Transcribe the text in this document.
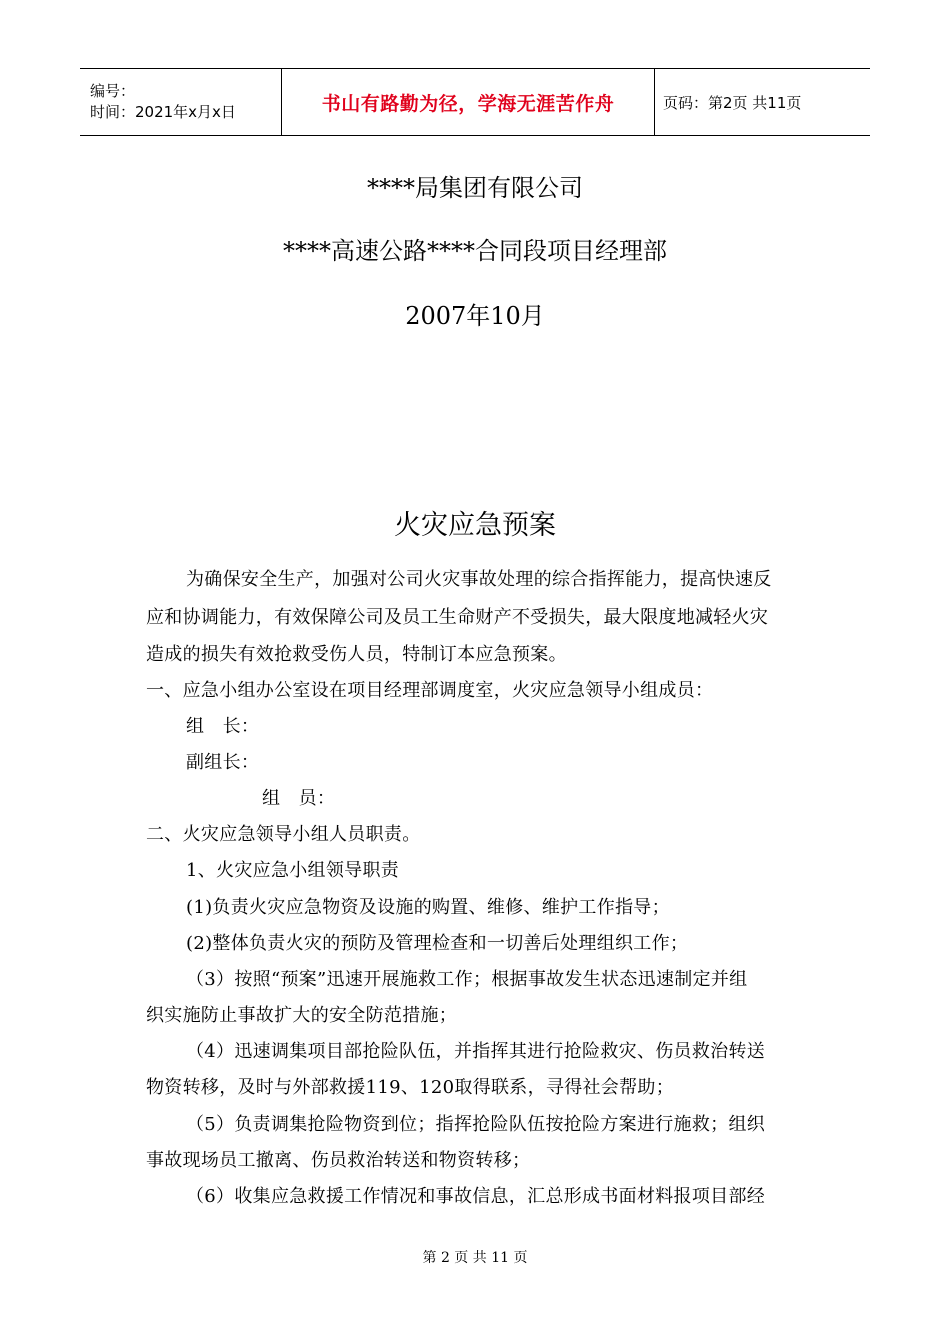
编号：
时间：2021年x月x日	书山有路勤为径，学海无涯苦作舟	页码：第2页 共11页
****局集团有限公司
****高速公路****合同段项目经理部
2007年10月
火灾应急预案
为确保安全生产，加强对公司火灾事故处理的综合指挥能力，提高快速反
应和协调能力，有效保障公司及员工生命财产不受损失，最大限度地减轻火灾
造成的损失有效抢救受伤人员，特制订本应急预案。
一、应急小组办公室设在项目经理部调度室，火灾应急领导小组成员：
组　长：
副组长：
组　员：
二、火灾应急领导小组人员职责。
1、火灾应急小组领导职责
(1)负责火灾应急物资及设施的购置、维修、维护工作指导；
(2)整体负责火灾的预防及管理检查和一切善后处理组织工作；
（3）按照“预案”迅速开展施救工作；根据事故发生状态迅速制定并组
织实施防止事故扩大的安全防范措施；
（4）迅速调集项目部抢险队伍，并指挥其进行抢险救灾、伤员救治转送
物资转移，及时与外部救援119、120取得联系，寻得社会帮助；
（5）负责调集抢险物资到位；指挥抢险队伍按抢险方案进行施救；组织
事故现场员工撤离、伤员救治转送和物资转移；
（6）收集应急救援工作情况和事故信息，汇总形成书面材料报项目部经
第 2 页 共 11 页
